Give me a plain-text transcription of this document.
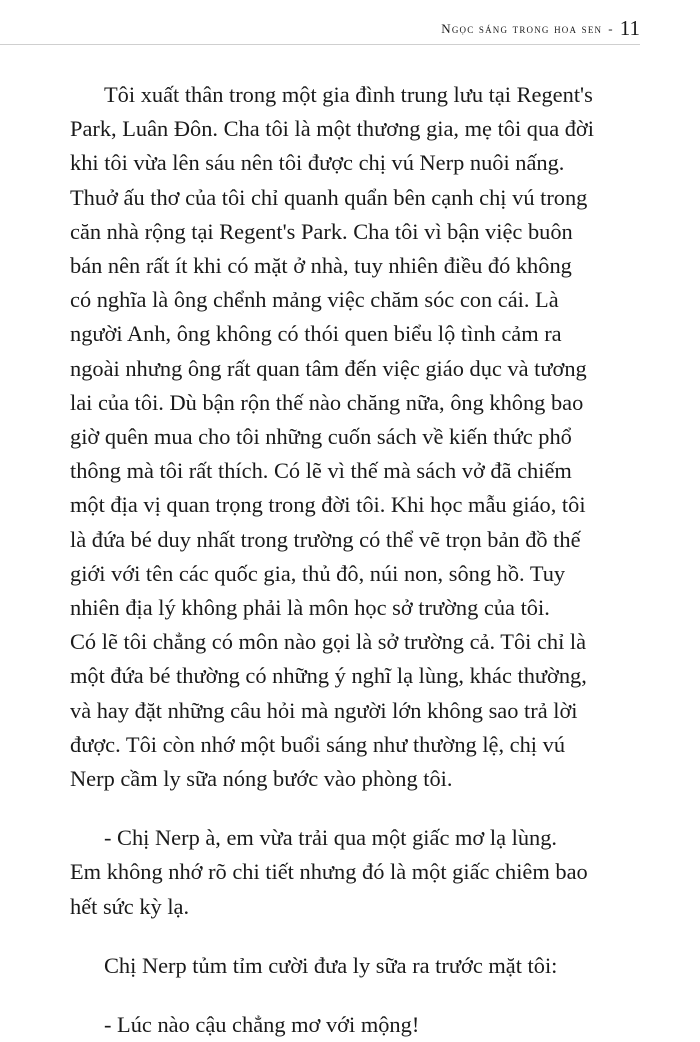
Ngọc sáng trong hoa sen - 11

Tôi xuất thân trong một gia đình trung lưu tại Regent's
Park, Luân Đôn. Cha tôi là một thương gia, mẹ tôi qua đời
khi tôi vừa lên sáu nên tôi được chị vú Nerp nuôi nấng.
Thuở ấu thơ của tôi chỉ quanh quẩn bên cạnh chị vú trong
căn nhà rộng tại Regent's Park. Cha tôi vì bận việc buôn
bán nên rất ít khi có mặt ở nhà, tuy nhiên điều đó không
có nghĩa là ông chểnh mảng việc chăm sóc con cái. Là
người Anh, ông không có thói quen biểu lộ tình cảm ra
ngoài nhưng ông rất quan tâm đến việc giáo dục và tương
lai của tôi. Dù bận rộn thế nào chăng nữa, ông không bao
giờ quên mua cho tôi những cuốn sách về kiến thức phổ
thông mà tôi rất thích. Có lẽ vì thế mà sách vở đã chiếm
một địa vị quan trọng trong đời tôi. Khi học mẫu giáo, tôi
là đứa bé duy nhất trong trường có thể vẽ trọn bản đồ thế
giới với tên các quốc gia, thủ đô, núi non, sông hồ. Tuy
nhiên địa lý không phải là môn học sở trường của tôi.
Có lẽ tôi chẳng có môn nào gọi là sở trường cả. Tôi chỉ là
một đứa bé thường có những ý nghĩ lạ lùng, khác thường,
và hay đặt những câu hỏi mà người lớn không sao trả lời
được. Tôi còn nhớ một buổi sáng như thường lệ, chị vú
Nerp cầm ly sữa nóng bước vào phòng tôi.

- Chị Nerp à, em vừa trải qua một giấc mơ lạ lùng.
Em không nhớ rõ chi tiết nhưng đó là một giấc chiêm bao
hết sức kỳ lạ.

Chị Nerp tủm tỉm cười đưa ly sữa ra trước mặt tôi:

- Lúc nào cậu chẳng mơ với mộng!
